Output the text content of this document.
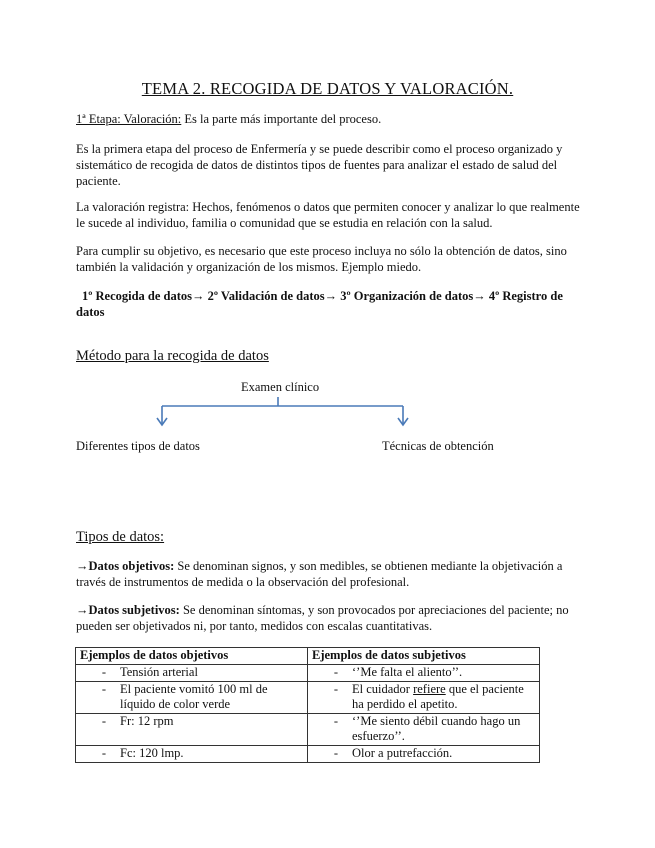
TEMA 2. RECOGIDA DE DATOS Y VALORACIÓN.
1ª Etapa: Valoración: Es la parte más importante del proceso.
Es la primera etapa del proceso de Enfermería y se puede describir como el proceso organizado y sistemático de recogida de datos de distintos tipos de fuentes para analizar el estado de salud del paciente.
La valoración registra: Hechos, fenómenos o datos que permiten conocer y analizar lo que realmente le sucede al individuo, familia o comunidad que se estudia en relación con la salud.
Para cumplir su objetivo, es necesario que este proceso incluya no sólo la obtención de datos, sino también la validación y organización de los mismos. Ejemplo miedo.
1º Recogida de datos→ 2º Validación de datos→ 3º Organización de datos→ 4º Registro de datos
Método para la recogida de datos
Examen clínico
Diferentes tipos de datos	Técnicas de obtención
Tipos de datos:
→Datos objetivos: Se denominan signos, y son medibles, se obtienen mediante la objetivación a través de instrumentos de medida o la observación del profesional.
→Datos subjetivos: Se denominan síntomas, y son provocados por apreciaciones del paciente; no pueden ser objetivados ni, por tanto, medidos con escalas cuantitativas.
Ejemplos de datos objetivos	Ejemplos de datos subjetivos

- Tensión arterial	- ‘’Me falta el aliento’’.

- El paciente vomitó 100 ml de líquido de color verde	- El cuidador refiere que el paciente ha perdido el apetito.

- Fr: 12 rpm	- ‘’Me siento débil cuando hago un esfuerzo’’.

- Fc: 120 lmp.	- Olor a putrefacción.
